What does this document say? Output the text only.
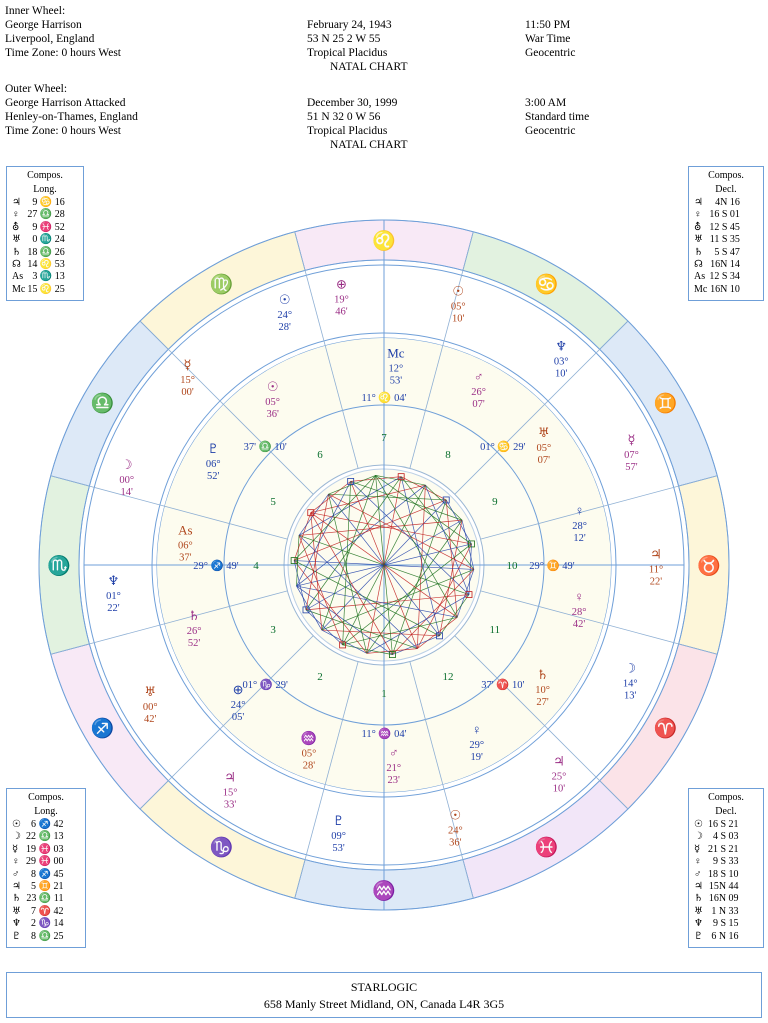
Inner Wheel:
George Harrison
Liverpool, England
Time Zone: 0 hours West
February 24, 1943
53 N 25 2 W 55
Tropical Placidus
NATAL CHART
11:50 PM
War Time
Geocentric
Outer Wheel:
George Harrison Attacked
Henley-on-Thames, England
Time Zone: 0 hours West
December 30, 1999
51 N 32 0 W 56
Tropical Placidus
NATAL CHART
3:00 AM
Standard time
Geocentric
Compos.
Long.
♃	9 ♋ 16
♀	27 ♎ 28
⛢	9 ♓ 52
♅	0 ♏ 24
♄	18 ♎ 26
☊	14 ♌ 53
As	3 ♏ 13
Mc	15 ♌ 25
Compos.
Decl.
♃	4N 16
♀	16 S 01
⛢	12 S 45
♅	11 S 35
♄	5 S 47
☊	16N 14
As	12 S 34
Mc	16N 10
Compos.
Long.
☉	6 ♐ 42
☽	22 ♎ 13
☿	19 ♓ 03
♀	29 ♓ 00
♂	8 ♐ 45
♃	5 ♊ 21
♄	23 ♎ 11
♅	7 ♈ 42
♆	2 ♑ 14
♇	8 ♎ 25
Compos.
Decl.
☉	16 S 21
☽	4 S 03
☿	21 S 21
♀	9 S 33
♂	18 S 10
♃	15N 44
♄	16N 09
♅	1 N 33
♆	9 S 15
♇	6 N 16
♌
♋
♊
♉
♈
♓
♒
♑
♐
♏
♎
♍
1
2
3
4
5
6
7
8
9
10
11
12
⊕
19°
46'
Mc
12°
53'
☉
05°
10'
♂
26°
07'
♆
03°
10'
♅
05°
07'
☿
07°
57'
♀
28°
12'
♃
11°
22'
♀
28°
42'
☽
14°
13'
♄
10°
27'
♃
25°
10'
♀
29°
19'
☉
24°
36'
♂
21°
23'
♇
09°
53'
♒
05°
28'
♃
15°
33'
⊕
24°
05'
♅
00°
42'
♄
26°
52'
♆
01°
22'
As
06°
37'
☽
00°
14'
♇
06°
52'
☿
15°
00'	☉
05°
36'
☉
24°
28'
11° ♌ 04'
01° ♋ 29'
29° ♊ 49'
37' ♈ 10'
11° ♒ 04'
01° ♑ 29'
29° ♐ 49'
37' ♎ 10'
STARLOGIC
658 Manly Street Midland, ON, Canada L4R 3G5
